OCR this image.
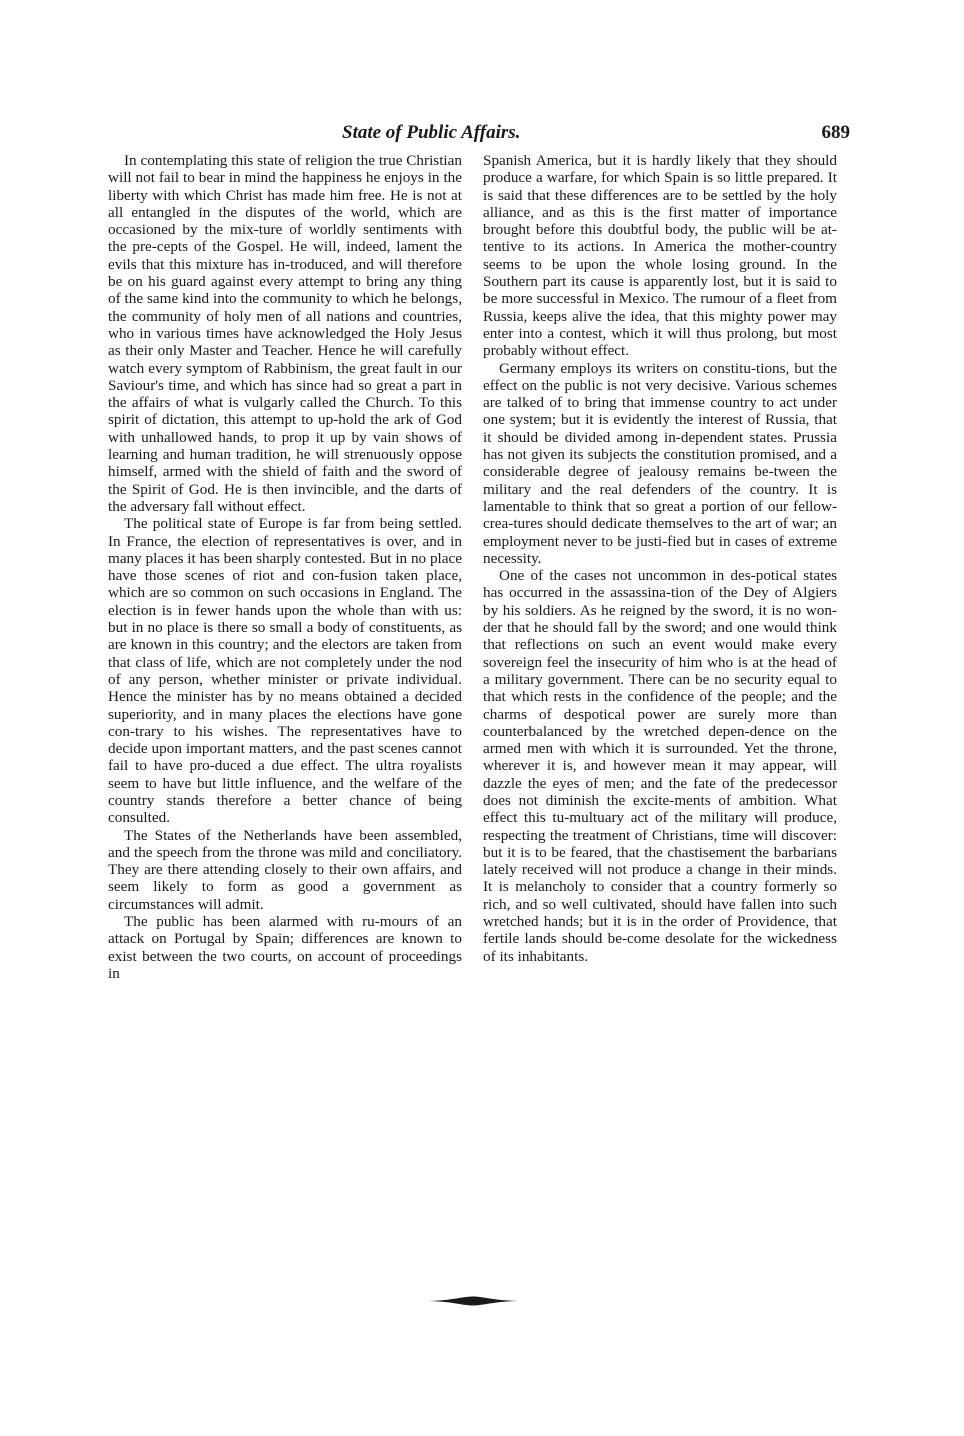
State of Public Affairs.	689

In contemplating this state of religion the true Christian will not fail to bear in mind the happiness he enjoys in the liberty with which Christ has made him free. He is not at all entangled in the disputes of the world, which are occasioned by the mix-ture of worldly sentiments with the pre-cepts of the Gospel. He will, indeed, lament the evils that this mixture has in-troduced, and will therefore be on his guard against every attempt to bring any thing of the same kind into the community to which he belongs, the community of holy men of all nations and countries, who in various times have acknowledged the Holy Jesus as their only Master and Teacher. Hence he will carefully watch every symptom of Rabbinism, the great fault in our Saviour's time, and which has since had so great a part in the affairs of what is vulgarly called the Church. To this spirit of dictation, this attempt to up-hold the ark of God with unhallowed hands, to prop it up by vain shows of learning and human tradition, he will strenuously oppose himself, armed with the shield of faith and the sword of the Spirit of God. He is then invincible, and the darts of the adversary fall without effect.

The political state of Europe is far from being settled. In France, the election of representatives is over, and in many places it has been sharply contested. But in no place have those scenes of riot and con-fusion taken place, which are so common on such occasions in England. The election is in fewer hands upon the whole than with us: but in no place is there so small a body of constituents, as are known in this country; and the electors are taken from that class of life, which are not completely under the nod of any person, whether minister or private individual. Hence the minister has by no means obtained a decided superiority, and in many places the elections have gone con-trary to his wishes. The representatives have to decide upon important matters, and the past scenes cannot fail to have pro-duced a due effect. The ultra royalists seem to have but little influence, and the welfare of the country stands therefore a better chance of being consulted.

The States of the Netherlands have been assembled, and the speech from the throne was mild and conciliatory. They are there attending closely to their own affairs, and seem likely to form as good a government as circumstances will admit.

The public has been alarmed with ru-mours of an attack on Portugal by Spain; differences are known to exist between the two courts, on account of proceedings in

Spanish America, but it is hardly likely that they should produce a warfare, for which Spain is so little prepared. It is said that these differences are to be settled by the holy alliance, and as this is the first matter of importance brought before this doubtful body, the public will be at-tentive to its actions. In America the mother-country seems to be upon the whole losing ground. In the Southern part its cause is apparently lost, but it is said to be more successful in Mexico. The rumour of a fleet from Russia, keeps alive the idea, that this mighty power may enter into a contest, which it will thus prolong, but most probably without effect.

Germany employs its writers on constitu-tions, but the effect on the public is not very decisive. Various schemes are talked of to bring that immense country to act under one system; but it is evidently the interest of Russia, that it should be divided among in-dependent states. Prussia has not given its subjects the constitution promised, and a considerable degree of jealousy remains be-tween the military and the real defenders of the country. It is lamentable to think that so great a portion of our fellow-crea-tures should dedicate themselves to the art of war; an employment never to be justi-fied but in cases of extreme necessity.

One of the cases not uncommon in des-potical states has occurred in the assassina-tion of the Dey of Algiers by his soldiers. As he reigned by the sword, it is no won-der that he should fall by the sword; and one would think that reflections on such an event would make every sovereign feel the insecurity of him who is at the head of a military government. There can be no security equal to that which rests in the confidence of the people; and the charms of despotical power are surely more than counterbalanced by the wretched depen-dence on the armed men with which it is surrounded. Yet the throne, wherever it is, and however mean it may appear, will dazzle the eyes of men; and the fate of the predecessor does not diminish the excite-ments of ambition. What effect this tu-multuary act of the military will produce, respecting the treatment of Christians, time will discover: but it is to be feared, that the chastisement the barbarians lately received will not produce a change in their minds. It is melancholy to consider that a country formerly so rich, and so well cultivated, should have fallen into such wretched hands; but it is in the order of Providence, that fertile lands should be-come desolate for the wickedness of its inhabitants.
